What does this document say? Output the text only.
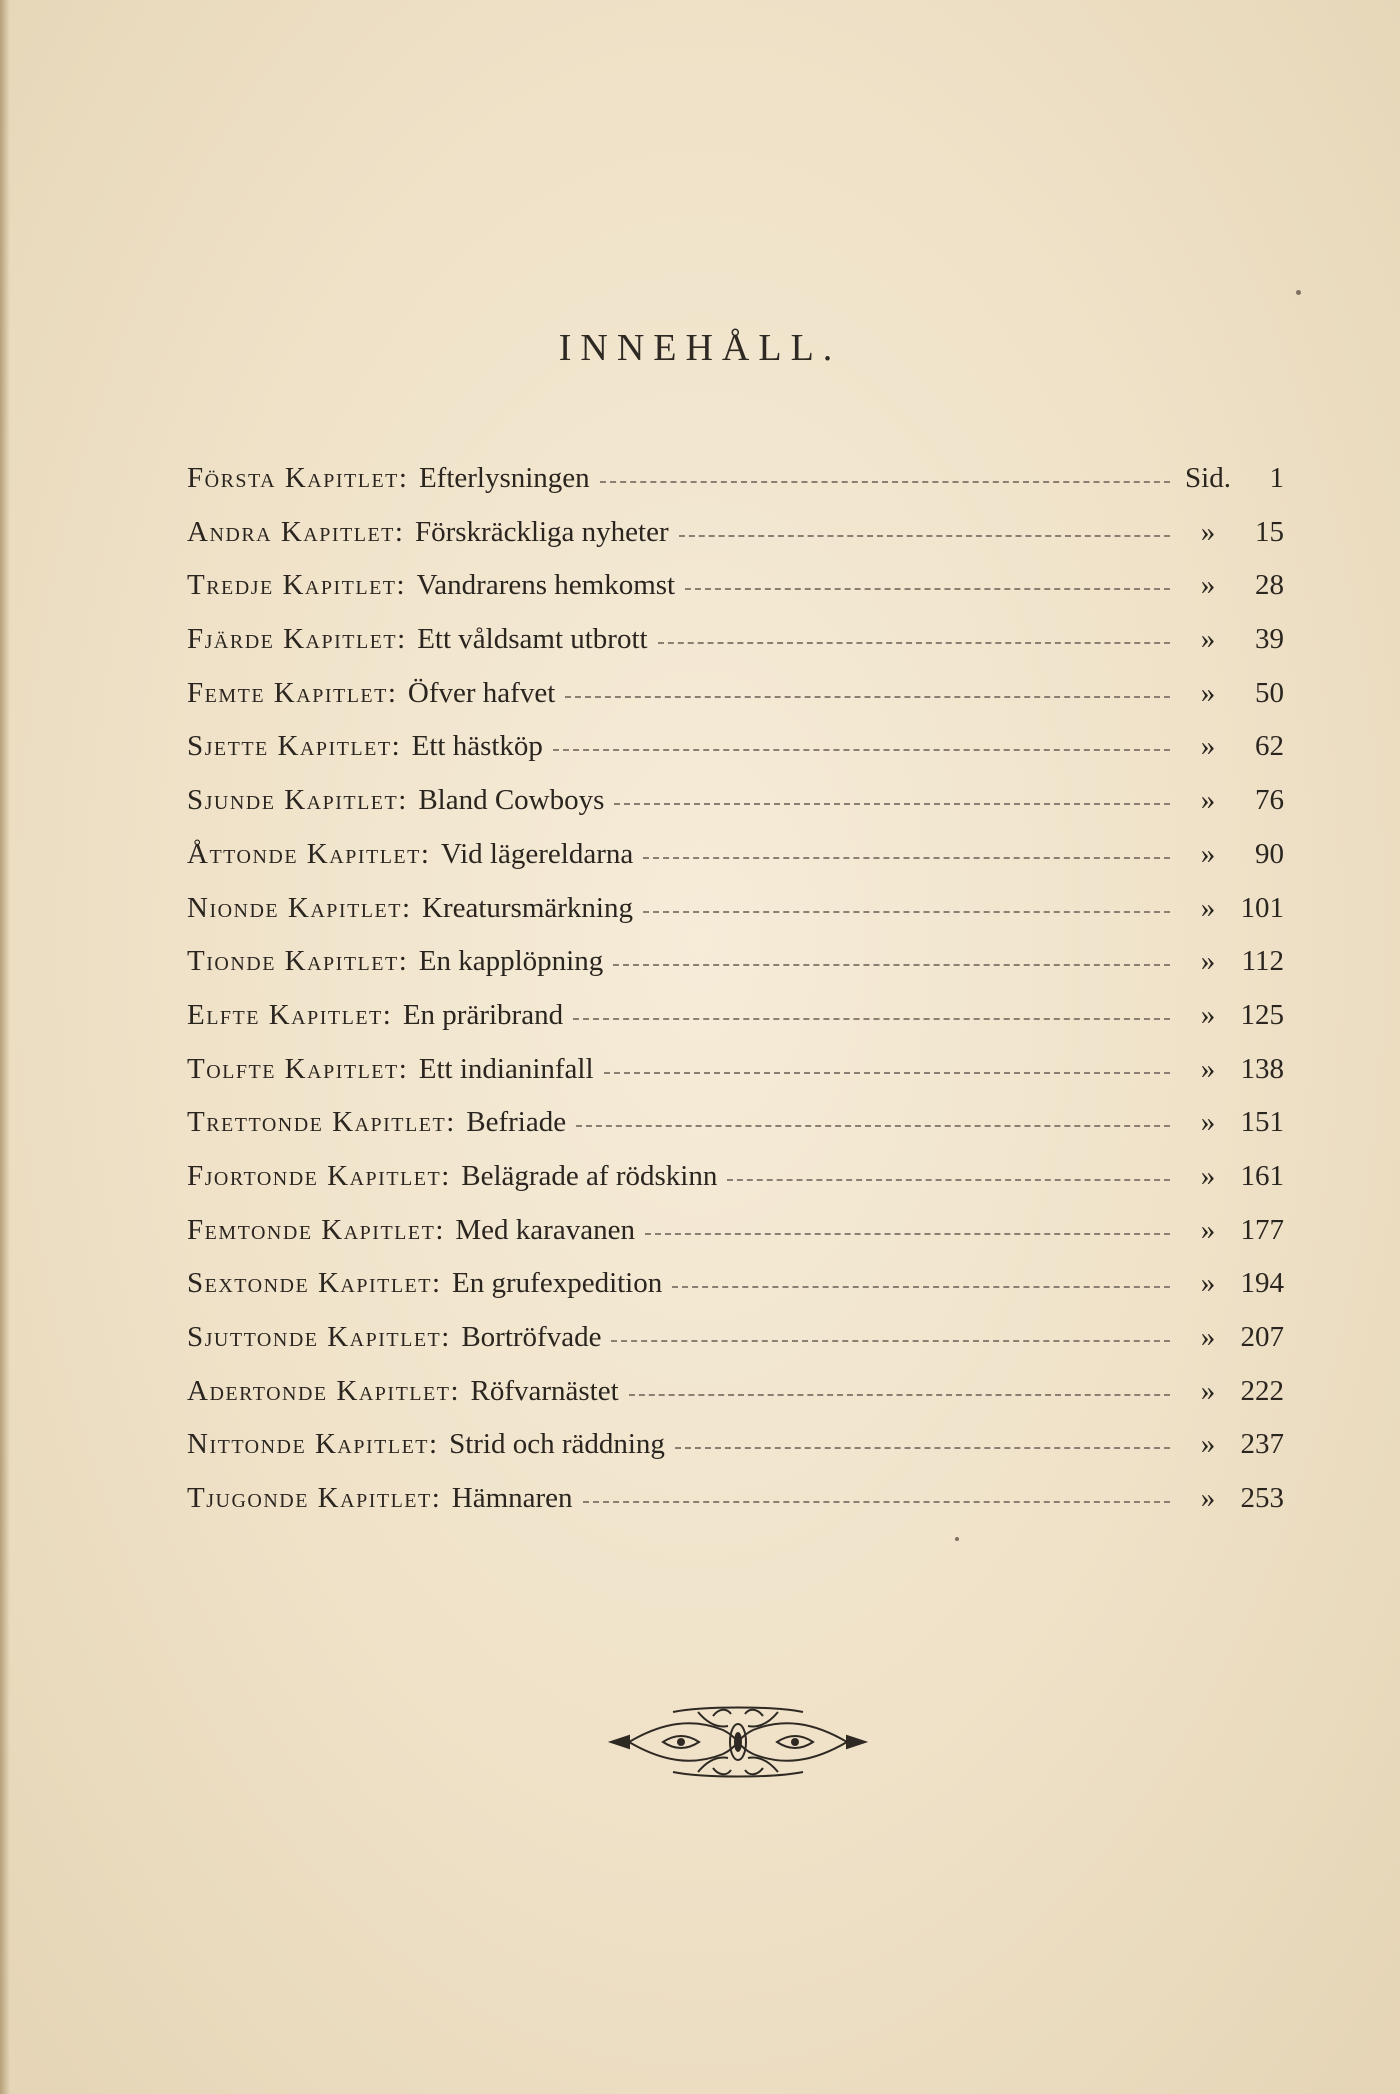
INNEHÅLL.
Första Kapitlet : Efterlysningen	Sid.	1
Andra Kapitlet : Förskräckliga nyheter	»	15
Tredje Kapitlet : Vandrarens hemkomst	»	28
Fjärde Kapitlet : Ett våldsamt utbrott	»	39
Femte Kapitlet : Öfver hafvet	»	50
Sjette Kapitlet : Ett hästköp	»	62
Sjunde Kapitlet : Bland Cowboys	»	76
Åttonde Kapitlet : Vid lägereldarna	»	90
Nionde Kapitlet : Kreatursmärkning	» 101
Tionde Kapitlet : En kapplöpning	» 112
Elfte Kapitlet : En präribrand	» 125
Tolfte Kapitlet : Ett indianinfall	» 138
Trettonde Kapitlet : Befriade	» 151
Fjortonde Kapitlet : Belägrade af rödskinn	» 161
Femtonde Kapitlet : Med karavanen	» 177
Sextonde Kapitlet : En grufexpedition	» 194
Sjuttonde Kapitlet : Bortröfvade	» 207
Adertonde Kapitlet : Röfvarnästet	» 222
Nittonde Kapitlet : Strid och räddning	» 237
Tjugonde Kapitlet : Hämnaren	» 253
